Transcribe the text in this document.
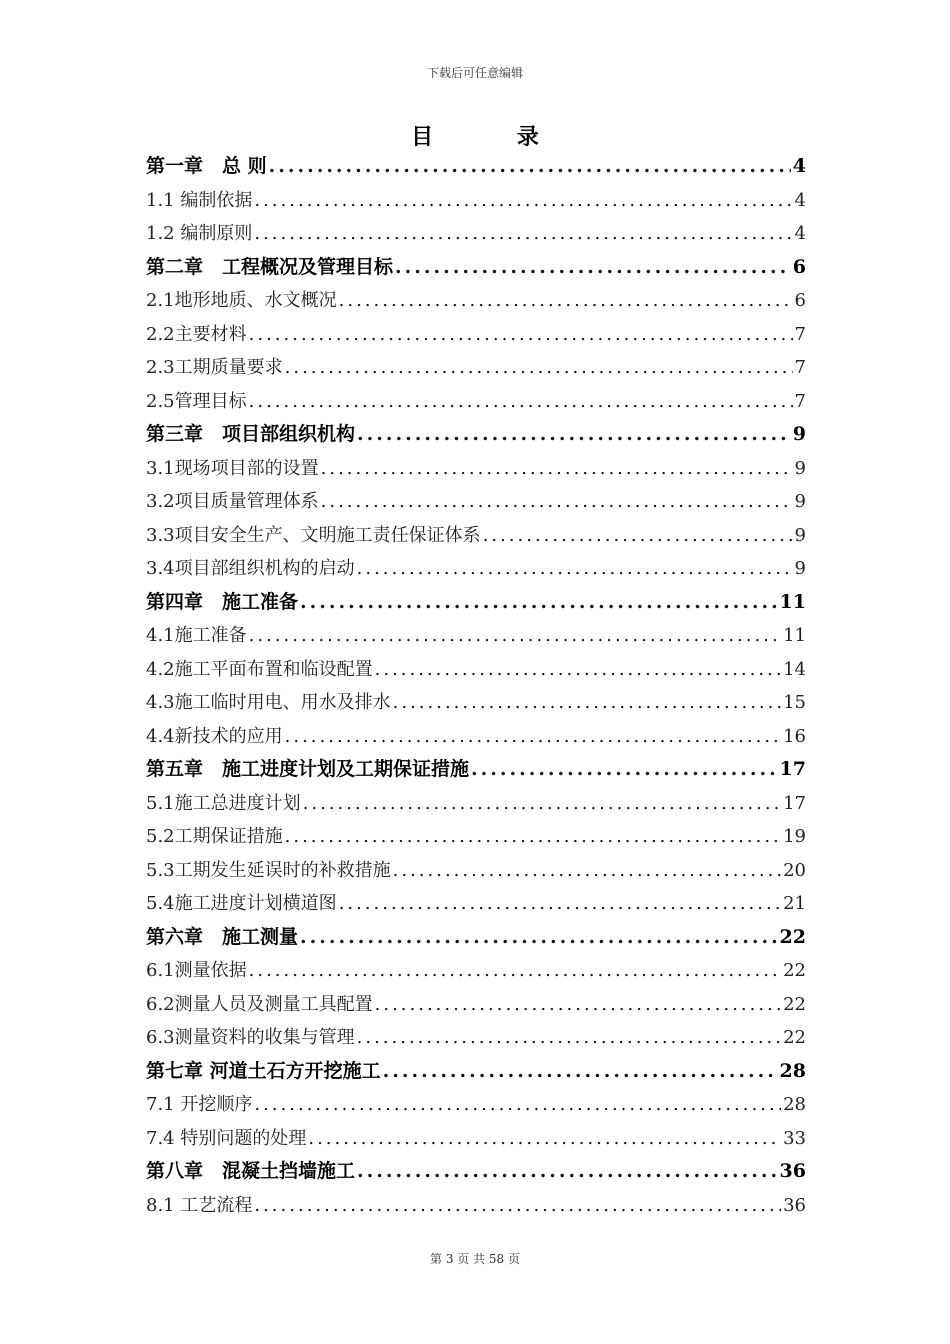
下载后可任意编辑
目 录
第一章　总 则 .....	4
1.1 编制依据 .....	4
1.2 编制原则 .....	4
第二章　工程概况及管理目标 .....	6
2.1地形地质、水文概况 .....	6
2.2主要材料 .....	7
2.3工期质量要求 .....	7
2.5管理目标 .....	7
第三章　项目部组织机构 .....	9
3.1现场项目部的设置 .....	9
3.2项目质量管理体系 .....	9
3.3项目安全生产、文明施工责任保证体系 .....	9
3.4项目部组织机构的启动 .....	9
第四章　施工准备 .....	11
4.1施工准备 .....	11
4.2施工平面布置和临设配置 .....	14
4.3施工临时用电、用水及排水 .....	15
4.4新技术的应用 .....	16
第五章　施工进度计划及工期保证措施 .....	17
5.1施工总进度计划 .....	17
5.2工期保证措施 .....	19
5.3工期发生延误时的补救措施 .....	20
5.4施工进度计划横道图 .....	21
第六章　施工测量 .....	22
6.1测量依据 .....	22
6.2测量人员及测量工具配置 .....	22
6.3测量资料的收集与管理 .....	22
第七章 河道土石方开挖施工 .....	28
7.1 开挖顺序 .....	28
7.4 特别问题的处理 .....	33
第八章　混凝土挡墙施工 .....	36
8.1 工艺流程 .....	36
第 3 页 共 58 页
